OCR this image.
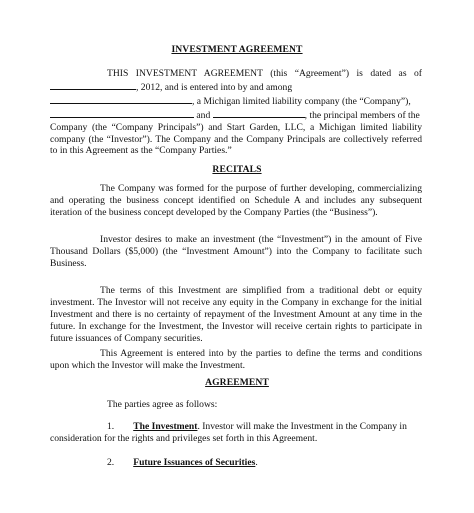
INVESTMENT AGREEMENT
THIS INVESTMENT AGREEMENT (this “Agreement”) is dated as of
, 2012, and is entered into by and among
, a Michigan limited liability company (the “Company”),
and	, the principal members of the
Company (the “Company Principals”) and Start Garden, LLC, a Michigan limited liability
company (the “Investor”). The Company and the Company Principals are collectively referred
to in this Agreement as the “Company Parties.”
RECITALS

The Company was formed for the purpose of further developing, commercializing and operating the business concept identified on Schedule A and includes any subsequent iteration of the business concept developed by the Company Parties (the “Business”).

Investor desires to make an investment (the “Investment”) in the amount of Five Thousand Dollars ($5,000) (the “Investment Amount”) into the Company to facilitate such Business.

The terms of this Investment are simplified from a traditional debt or equity investment. The Investor will not receive any equity in the Company in exchange for the initial Investment and there is no certainty of repayment of the Investment Amount at any time in the future. In exchange for the Investment, the Investor will receive certain rights to participate in future issuances of Company securities.

This Agreement is entered into by the parties to define the terms and conditions upon which the Investor will make the Investment.

AGREEMENT
The parties agree as follows:
1. The Investment. Investor will make the Investment in the Company in
consideration for the rights and privileges set forth in this Agreement.
2. Future Issuances of Securities.
